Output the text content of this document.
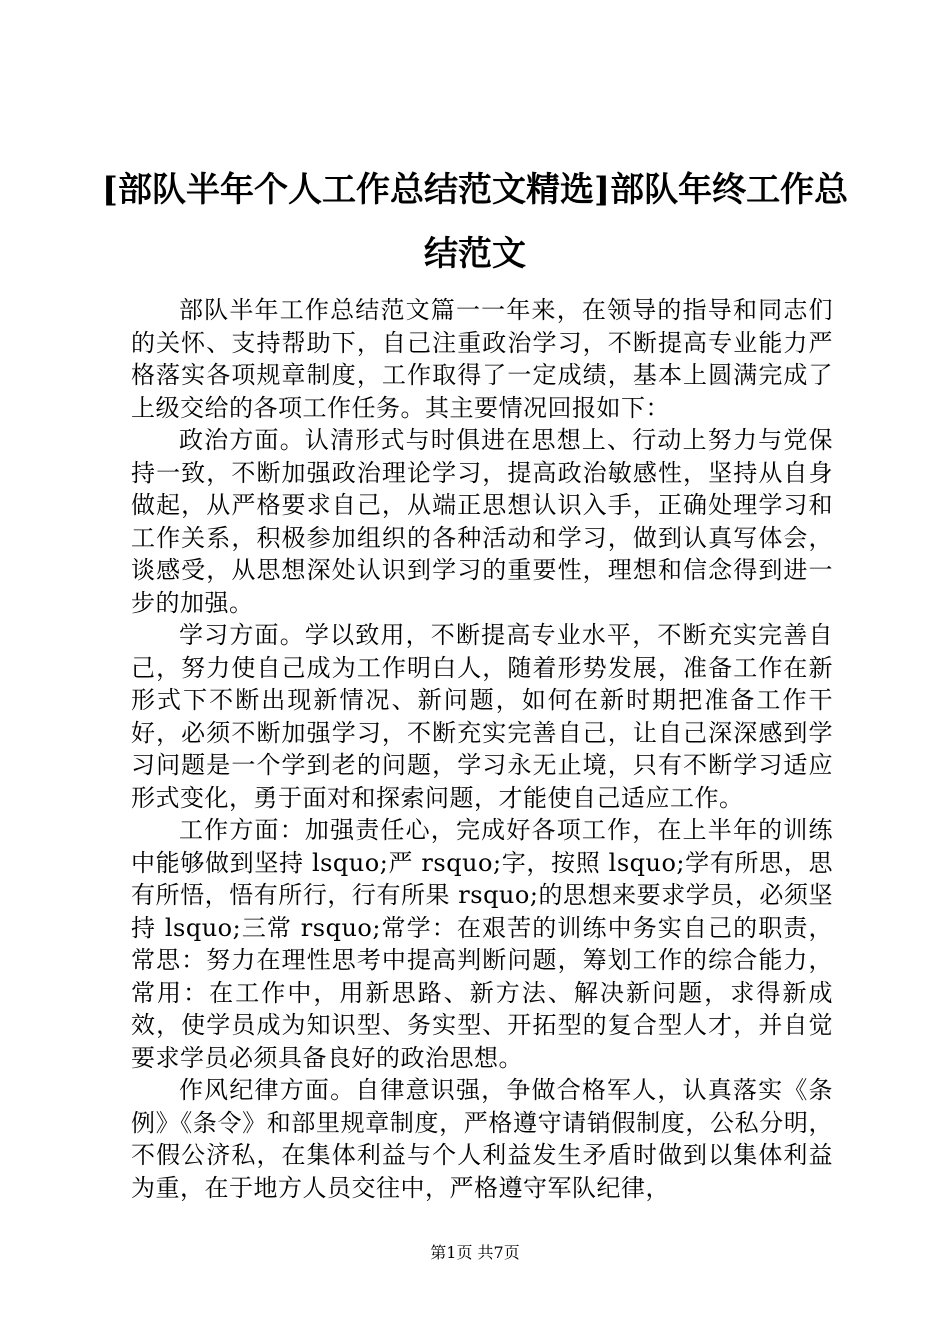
[部队半年个人工作总结范文精选]部队年终工作总结范文

部队半年工作总结范文篇一一年来，在领导的指导和同志们的关怀、支持帮助下，自己注重政治学习，不断提高专业能力严格落实各项规章制度，工作取得了一定成绩，基本上圆满完成了上级交给的各项工作任务。其主要情况回报如下：

政治方面。认清形式与时俱进在思想上、行动上努力与党保持一致，不断加强政治理论学习，提高政治敏感性，坚持从自身做起，从严格要求自己，从端正思想认识入手，正确处理学习和工作关系，积极参加组织的各种活动和学习，做到认真写体会，谈感受，从思想深处认识到学习的重要性，理想和信念得到进一步的加强。

学习方面。学以致用，不断提高专业水平，不断充实完善自己，努力使自己成为工作明白人，随着形势发展，准备工作在新形式下不断出现新情况、新问题，如何在新时期把准备工作干好，必须不断加强学习，不断充实完善自己，让自己深深感到学习问题是一个学到老的问题，学习永无止境，只有不断学习适应形式变化，勇于面对和探索问题，才能使自己适应工作。

工作方面：加强责任心，完成好各项工作，在上半年的训练中能够做到坚持 lsquo;严 rsquo;字，按照 lsquo;学有所思，思有所悟，悟有所行，行有所果 rsquo;的思想来要求学员，必须坚持 lsquo;三常 rsquo;常学：在艰苦的训练中务实自己的职责，常思：努力在理性思考中提高判断问题，筹划工作的综合能力，常用：在工作中，用新思路、新方法、解决新问题，求得新成效，使学员成为知识型、务实型、开拓型的复合型人才，并自觉要求学员必须具备良好的政治思想。

作风纪律方面。自律意识强，争做合格军人，认真落实《条例》《条令》和部里规章制度，严格遵守请销假制度，公私分明，不假公济私，在集体利益与个人利益发生矛盾时做到以集体利益为重，在于地方人员交往中，严格遵守军队纪律，

第1页 共7页
